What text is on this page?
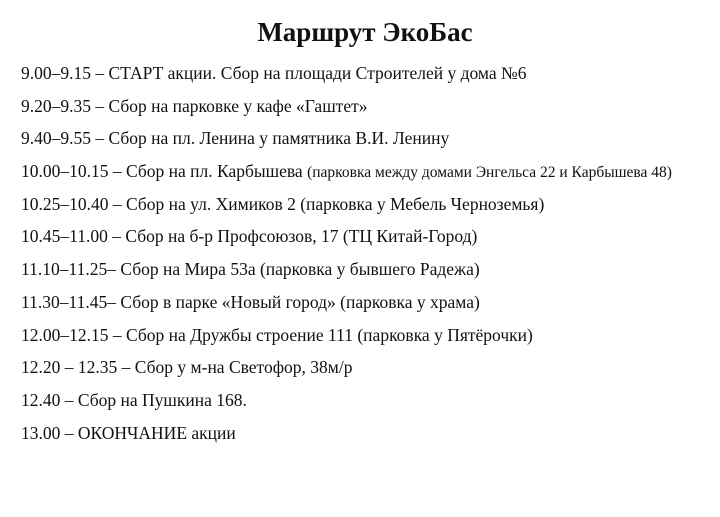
Маршрут ЭкоБас
9.00–9.15 – СТАРТ акции. Сбор на площади Строителей у дома №6
9.20–9.35 – Сбор на парковке у кафе «Гаштет»
9.40–9.55 – Сбор на пл. Ленина у памятника В.И. Ленину
10.00–10.15 – Сбор на пл. Карбышева (парковка между домами Энгельса 22 и Карбышева 48)
10.25–10.40 – Сбор на ул. Химиков 2 (парковка у Мебель Черноземья)
10.45–11.00 – Сбор на б-р Профсоюзов, 17 (ТЦ Китай-Город)
11.10–11.25– Сбор на Мира 53а (парковка у бывшего Радежа)
11.30–11.45– Сбор в парке «Новый город» (парковка у храма)
12.00–12.15 – Сбор на Дружбы строение 111 (парковка у Пятёрочки)
12.20 – 12.35 – Сбор у м-на Светофор, 38м/р
12.40 – Сбор на Пушкина 168.
13.00 – ОКОНЧАНИЕ акции
